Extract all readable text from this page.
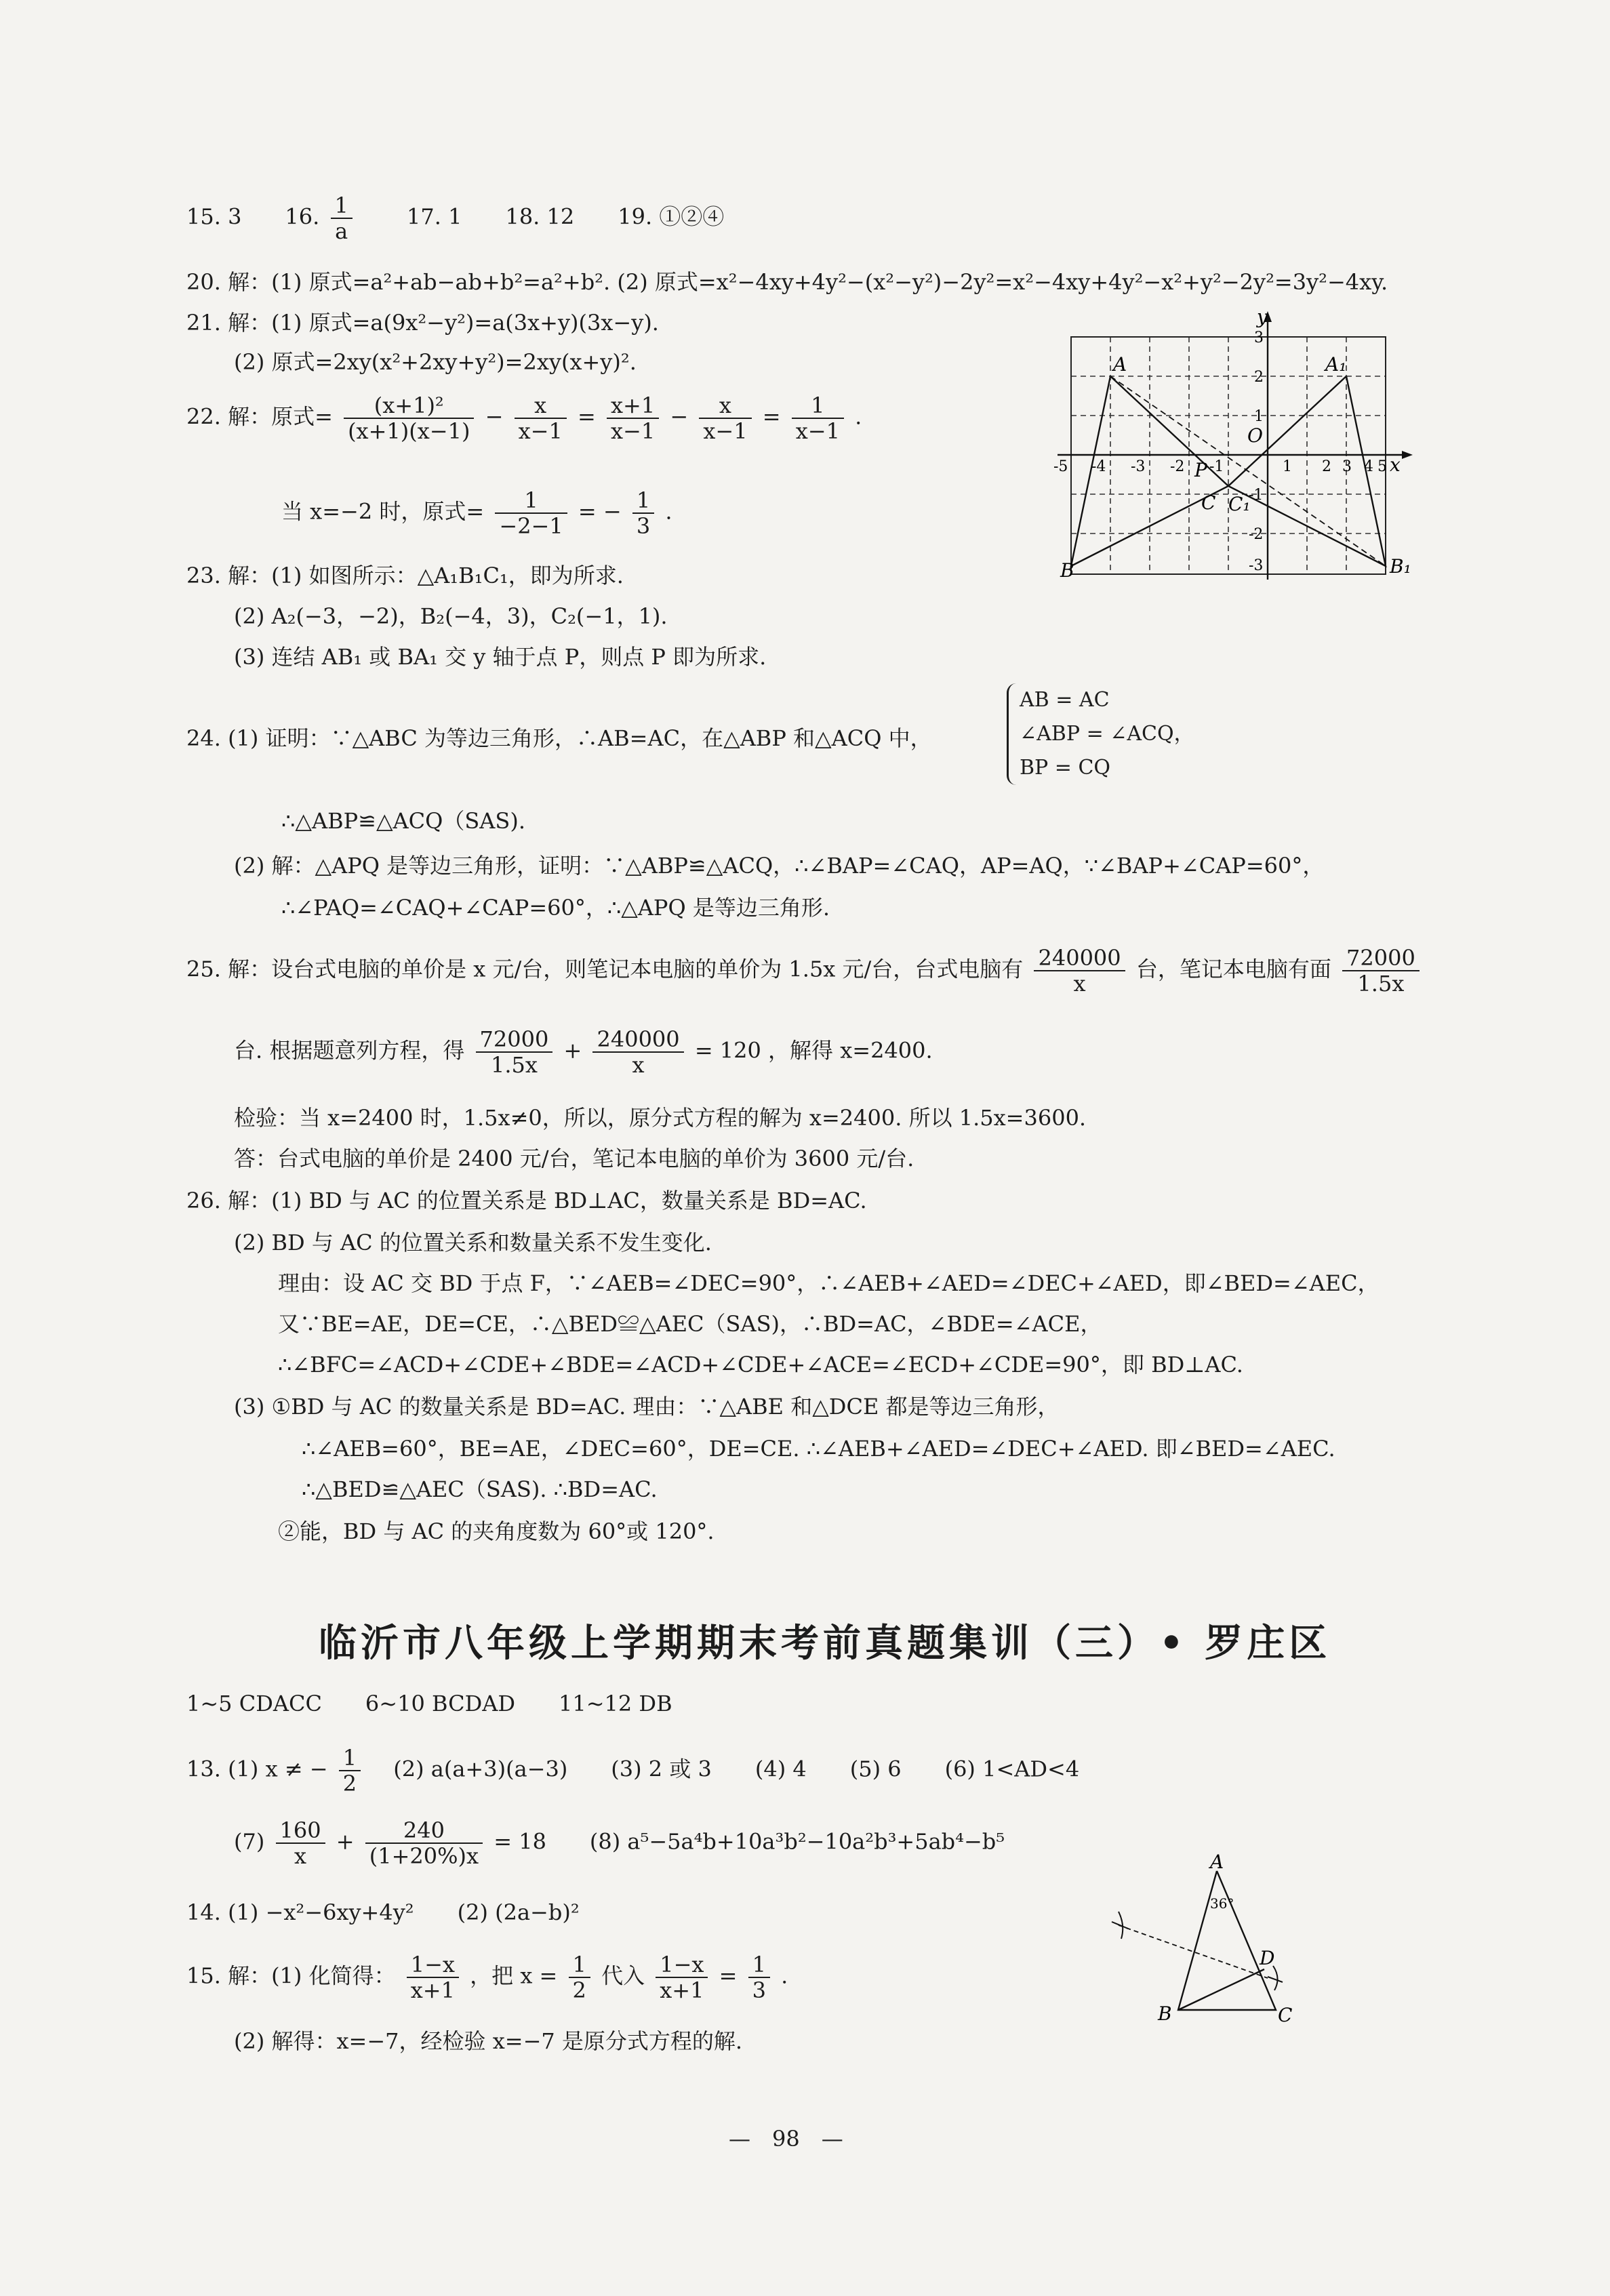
15. 3　　16. $\frac{1}{a}$ 　　17. 1　　18. 12　　19. ①②④
20. 解：(1) 原式=a²+ab−ab+b²=a²+b². (2) 原式=x²−4xy+4y²−(x²−y²)−2y²=x²−4xy+4y²−x²+y²−2y²=3y²−4xy.
21. 解：(1) 原式=a(9x²−y²)=a(3x+y)(3x−y).
(2) 原式=2xy(x²+2xy+y²)=2xy(x+y)².
22. 解：原式= $\frac{\text{(x+1)²}}{(x+1)(x-1)} - \frac{x}{x-1} = \frac{x+1}{x-1} - \frac{x}{x-1} = \frac{1}{x-1}$ .
当 x=−2 时，原式= $\frac{1}{-2-1}$ = − $\frac{1}{3}$ .
23. 解：(1) 如图所示：△A₁B₁C₁，即为所求.
(2) A₂(−3，−2)，B₂(−4，3)，C₂(−1，1).
(3) 连结 AB₁ 或 BA₁ 交 y 轴于点 P，则点 P 即为所求.
y
x
O
-5 -4 -3 -2 -1	1 2 3 4 5
3
2
1
-1
-2
-3
A	A₁
B	B₁
C C₁
P
24. (1) 证明：∵△ABC 为等边三角形，∴AB=AC，在△ABP 和△ACQ 中，
AB = AC
∠ABP = ∠ACQ，
BP = CQ
∴△ABP≌△ACQ（SAS).
(2) 解：△APQ 是等边三角形，证明：∵△ABP≌△ACQ，∴∠BAP=∠CAQ，AP=AQ，∵∠BAP+∠CAP=60°，
∴∠PAQ=∠CAQ+∠CAP=60°，∴△APQ 是等边三角形.
25. 解：设台式电脑的单价是 x 元/台，则笔记本电脑的单价为 1.5x 元/台，台式电脑有 $\frac{240000}{x}$ 台，笔记本电脑有面 $\frac{72000}{1.5x}$
台. 根据题意列方程，得 $\frac{72000}{1.5x} + \frac{240000}{x} = 120$ ，解得 x=2400.
检验：当 x=2400 时，1.5x≠0，所以，原分式方程的解为 x=2400. 所以 1.5x=3600.
答：台式电脑的单价是 2400 元/台，笔记本电脑的单价为 3600 元/台.
26. 解：(1) BD 与 AC 的位置关系是 BD⊥AC，数量关系是 BD=AC.
(2) BD 与 AC 的位置关系和数量关系不发生变化.
理由：设 AC 交 BD 于点 F，∵∠AEB=∠DEC=90°，∴∠AEB+∠AED=∠DEC+∠AED，即∠BED=∠AEC，
又∵BE=AE，DE=CE，∴△BED≌△AEC（SAS)，∴BD=AC，∠BDE=∠ACE，
∴∠BFC=∠ACD+∠CDE+∠BDE=∠ACD+∠CDE+∠ACE=∠ECD+∠CDE=90°，即 BD⊥AC.
(3) ①BD 与 AC 的数量关系是 BD=AC. 理由：∵△ABE 和△DCE 都是等边三角形，
∴∠AEB=60°，BE=AE，∠DEC=60°，DE=CE. ∴∠AEB+∠AED=∠DEC+∠AED. 即∠BED=∠AEC.
∴△BED≌△AEC（SAS). ∴BD=AC.
②能，BD 与 AC 的夹角度数为 60°或 120°.
临沂市八年级上学期期末考前真题集训（三）• 罗庄区
1~5 CDACC　　6~10 BCDAD　　11~12 DB
13. (1) x ≠ − $\frac{1}{2}$ 　(2) a(a+3)(a−3)　　(3) 2 或 3　　(4) 4　　(5) 6　　(6) 1<AD<4
$(7) \frac{160}{x} + \frac{240}{(1+20\%)x} = 18$　　(8) a⁵−5a⁴b+10a³b²−10a²b³+5ab⁴−b⁵
14. (1) −x²−6xy+4y²　　(2) (2a−b)²
15. 解：(1) 化简得： $\frac{1-x}{x+1}$ ，把 $x = \frac{1}{2}$ 代入 $\frac{1-x}{x+1} = \frac{1}{3}$ .
(2) 解得：x=−7，经检验 x=−7 是原分式方程的解.
A
B	C
D
36°
—　98　—
